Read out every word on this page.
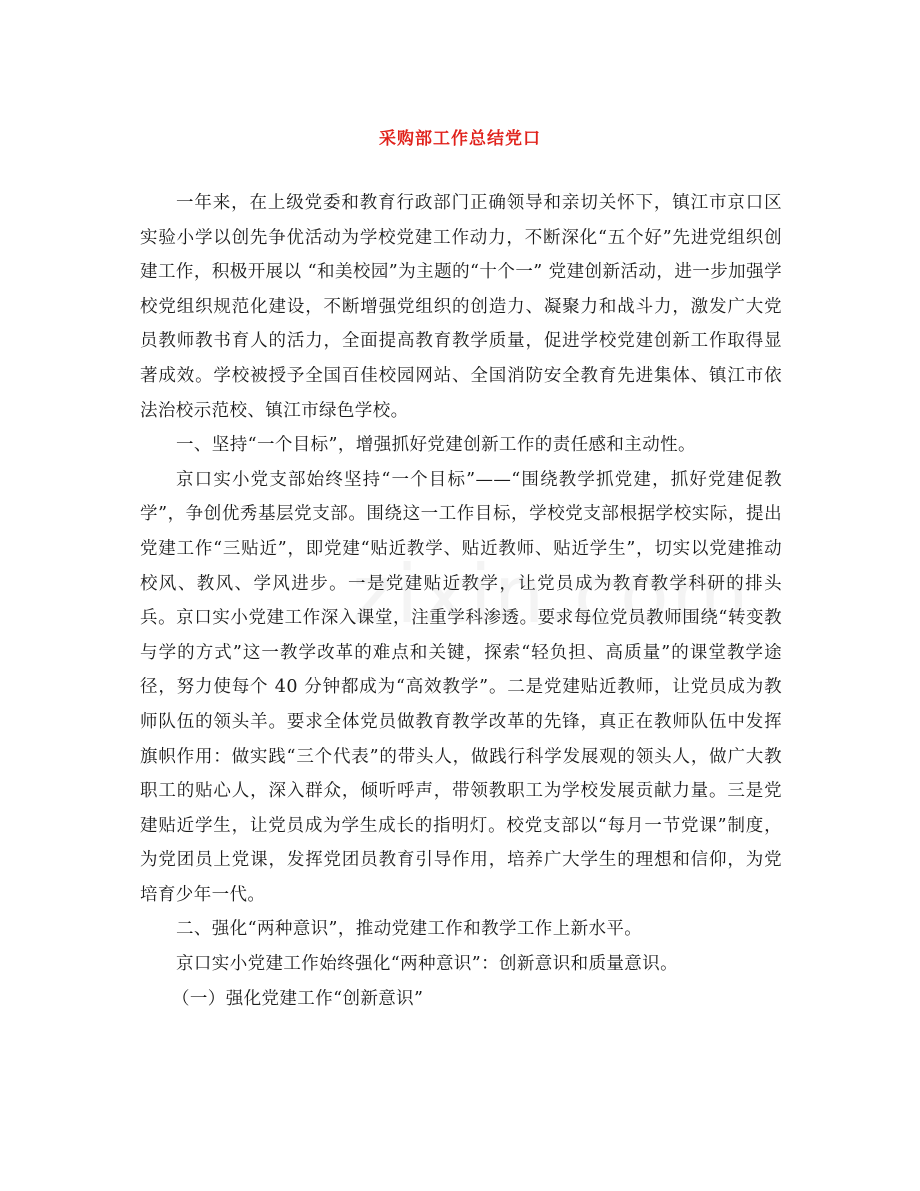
采购部工作总结党口

一年来，在上级党委和教育行政部门正确领导和亲切关怀下，镇江市京口区实验小学以创先争优活动为学校党建工作动力，不断深化“五个好”先进党组织创建工作，积极开展以 “和美校园”为主题的“十个一” 党建创新活动，进一步加强学校党组织规范化建设，不断增强党组织的创造力、凝聚力和战斗力，激发广大党员教师教书育人的活力，全面提高教育教学质量，促进学校党建创新工作取得显著成效。学校被授予全国百佳校园网站、全国消防安全教育先进集体、镇江市依法治校示范校、镇江市绿色学校。

一、坚持“一个目标”，增强抓好党建创新工作的责任感和主动性。

京口实小党支部始终坚持“一个目标”——“围绕教学抓党建，抓好党建促教学”，争创优秀基层党支部。围绕这一工作目标，学校党支部根据学校实际，提出党建工作“三贴近”，即党建“贴近教学、贴近教师、贴近学生”，切实以党建推动校风、教风、学风进步。一是党建贴近教学，让党员成为教育教学科研的排头兵。京口实小党建工作深入课堂，注重学科渗透。要求每位党员教师围绕“转变教与学的方式”这一教学改革的难点和关键，探索“轻负担、高质量”的课堂教学途径，努力使每个 40 分钟都成为“高效教学”。二是党建贴近教师，让党员成为教师队伍的领头羊。要求全体党员做教育教学改革的先锋，真正在教师队伍中发挥旗帜作用：做实践“三个代表”的带头人，做践行科学发展观的领头人，做广大教职工的贴心人，深入群众，倾听呼声，带领教职工为学校发展贡献力量。三是党建贴近学生，让党员成为学生成长的指明灯。校党支部以“每月一节党课”制度，为党团员上党课，发挥党团员教育引导作用，培养广大学生的理想和信仰，为党培育少年一代。

二、强化“两种意识”，推动党建工作和教学工作上新水平。

京口实小党建工作始终强化“两种意识”：创新意识和质量意识。

（一）强化党建工作“创新意识”
